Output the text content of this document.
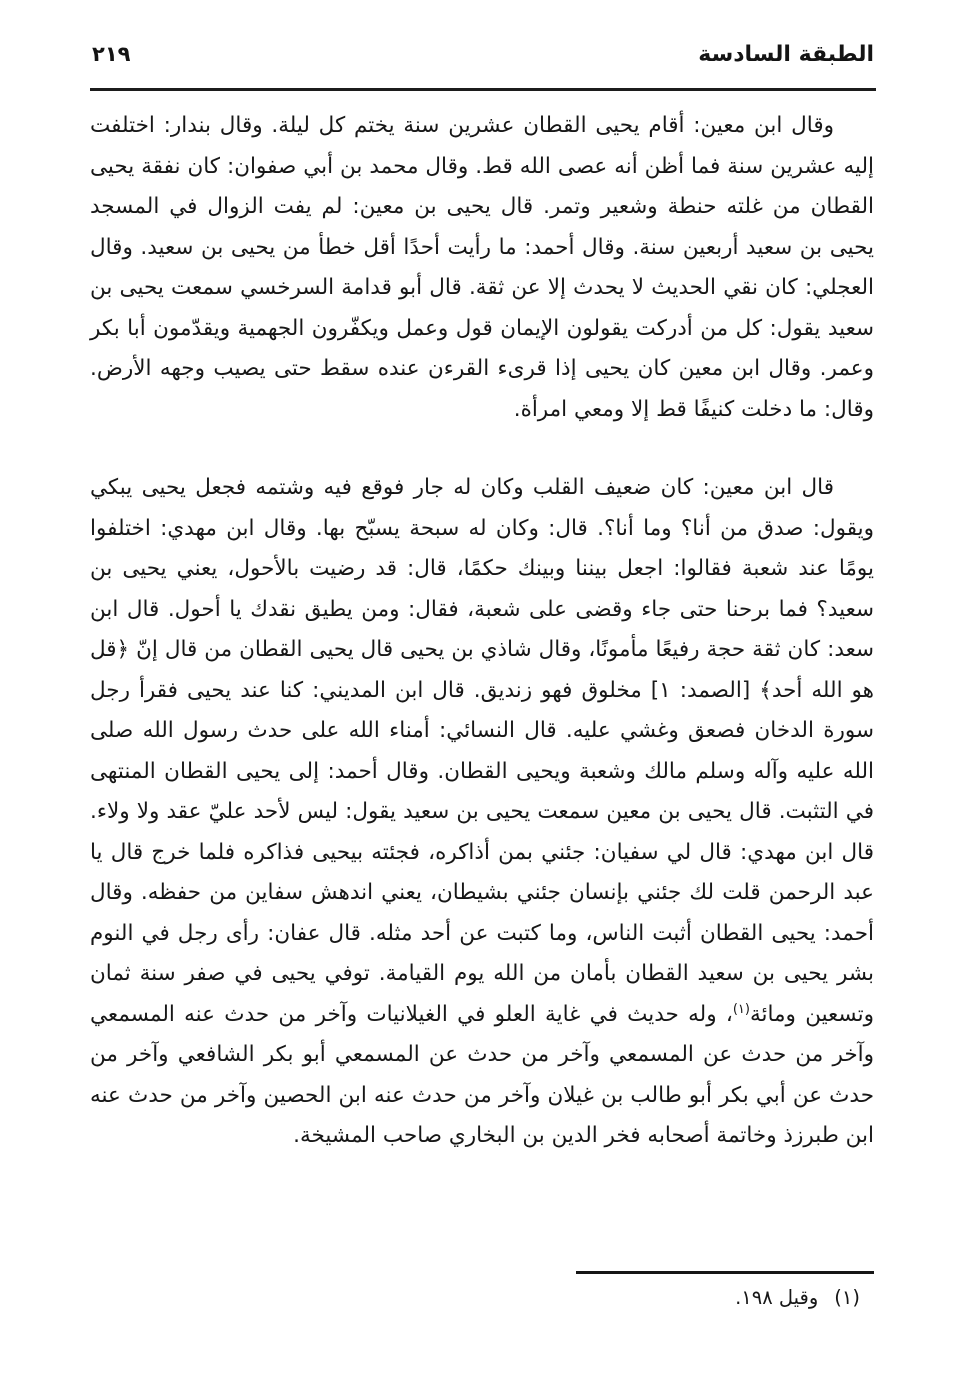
الطبقة السادسة
٢١٩

وقال ابن معين: أقام يحيى القطان عشرين سنة يختم كل ليلة. وقال بندار: اختلفت إليه عشرين سنة فما أظن أنه عصى الله قط. وقال محمد بن أبي صفوان: كان نفقة يحيى القطان من غلته حنطة وشعير وتمر. قال يحيى بن معين: لم يفت الزوال في المسجد يحيى بن سعيد أربعين سنة. وقال أحمد: ما رأيت أحدًا أقل خطأ من يحيى بن سعيد. وقال العجلي: كان نقي الحديث لا يحدث إلا عن ثقة. قال أبو قدامة السرخسي سمعت يحيى بن سعيد يقول: كل من أدركت يقولون الإيمان قول وعمل ويكفّرون الجهمية ويقدّمون أبا بكر وعمر. وقال ابن معين كان يحيى إذا قرىء القرءن عنده سقط حتى يصيب وجهه الأرض. وقال: ما دخلت كنيفًا قط إلا ومعي امرأة.

قال ابن معين: كان ضعيف القلب وكان له جار فوقع فيه وشتمه فجعل يحيى يبكي ويقول: صدق من أنا؟ وما أنا؟. قال: وكان له سبحة يسبّح بها. وقال ابن مهدي: اختلفوا يومًا عند شعبة فقالوا: اجعل بيننا وبينك حكمًا، قال: قد رضيت بالأحول، يعني يحيى بن سعيد؟ فما برحنا حتى جاء وقضى على شعبة، فقال: ومن يطيق نقدك يا أحول. قال ابن سعد: كان ثقة حجة رفيعًا مأمونًا، وقال شاذي بن يحيى قال يحيى القطان من قال إنّ ﴿قل هو الله أحد﴾ [الصمد: ١] مخلوق فهو زنديق. قال ابن المديني: كنا عند يحيى فقرأ رجل سورة الدخان فصعق وغشي عليه. قال النسائي: أمناء الله على حدث رسول الله صلى الله عليه وآله وسلم مالك وشعبة ويحيى القطان. وقال أحمد: إلى يحيى القطان المنتهى في التثبت. قال يحيى بن معين سمعت يحيى بن سعيد يقول: ليس لأحد عليّ عقد ولا ولاء. قال ابن مهدي: قال لي سفيان: جئني بمن أذاكره، فجئته بيحيى فذاكره فلما خرج قال يا عبد الرحمن قلت لك جئني بإنسان جئني بشيطان، يعني اندهش سفاين من حفظه. وقال أحمد: يحيى القطان أثبت الناس، وما كتبت عن أحد مثله. قال عفان: رأى رجل في النوم بشر يحيى بن سعيد القطان بأمان من الله يوم القيامة. توفي يحيى في صفر سنة ثمان وتسعين ومائة$^{(١)}$، وله حديث في غاية العلو في الغيلانيات وآخر من حدث عنه المسمعي وآخر من حدث عن المسمعي وآخر من حدث عن المسمعي أبو بكر الشافعي وآخر من حدث عن أبي بكر أبو طالب بن غيلان وآخر من حدث عنه ابن الحصين وآخر من حدث عنه ابن طبرزذ وخاتمة أصحابه فخر الدين بن البخاري صاحب المشيخة.

(١)وقيل ١٩٨.
